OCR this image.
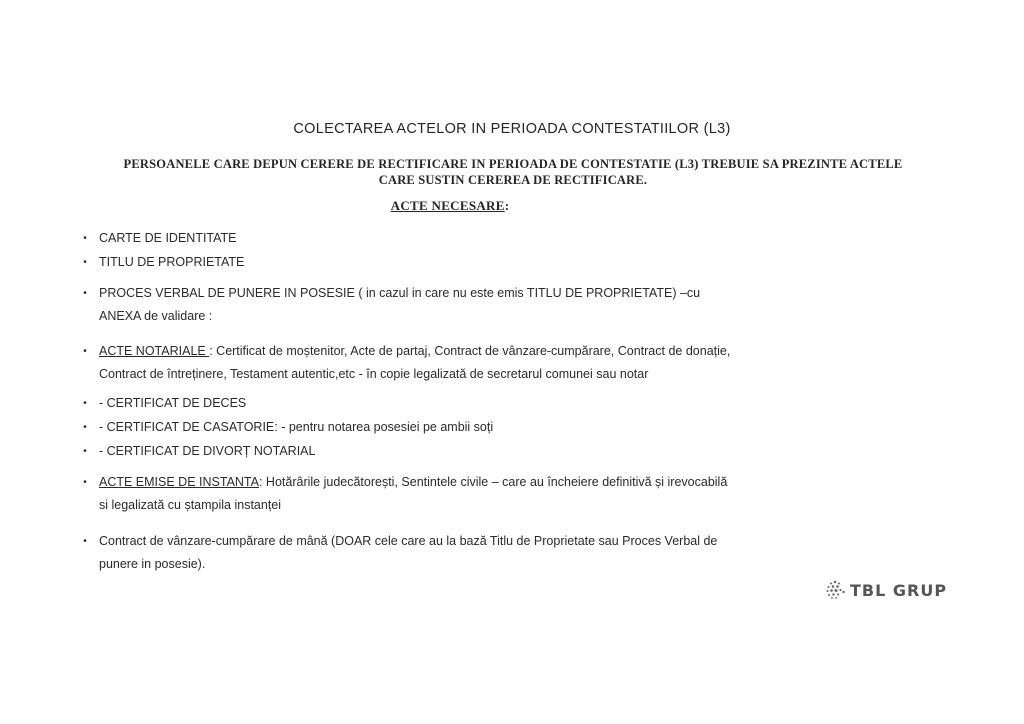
COLECTAREA ACTELOR IN PERIOADA CONTESTATIILOR (L3)
PERSOANELE CARE DEPUN CERERE DE RECTIFICARE IN PERIOADA DE CONTESTATIE (L3) TREBUIE SA PREZINTE ACTELE
CARE SUSTIN CEREREA DE RECTIFICARE.
ACTE NECESARE:
• CARTE DE IDENTITATE
• TITLU DE PROPRIETATE
• PROCES VERBAL DE PUNERE IN POSESIE ( in cazul in care nu este emis TITLU DE PROPRIETATE) –cu
ANEXA de validare :
• ACTE NOTARIALE : Certificat de moștenitor, Acte de partaj, Contract de vânzare-cumpărare, Contract de donație,
Contract de întreținere, Testament autentic,etc - în copie legalizată de secretarul comunei sau notar
• - CERTIFICAT DE DECES
• - CERTIFICAT DE CASATORIE: - pentru notarea posesiei pe ambii soți
• - CERTIFICAT DE DIVORȚ NOTARIAL
• ACTE EMISE DE INSTANTA: Hotărârile judecătorești, Sentintele civile – care au încheiere definitivă și irevocabilă
si legalizată cu ștampila instanței
• Contract de vânzare-cumpărare de mână (DOAR cele care au la bază Titlu de Proprietate sau Proces Verbal de
punere in posesie).
TBL GRUP
